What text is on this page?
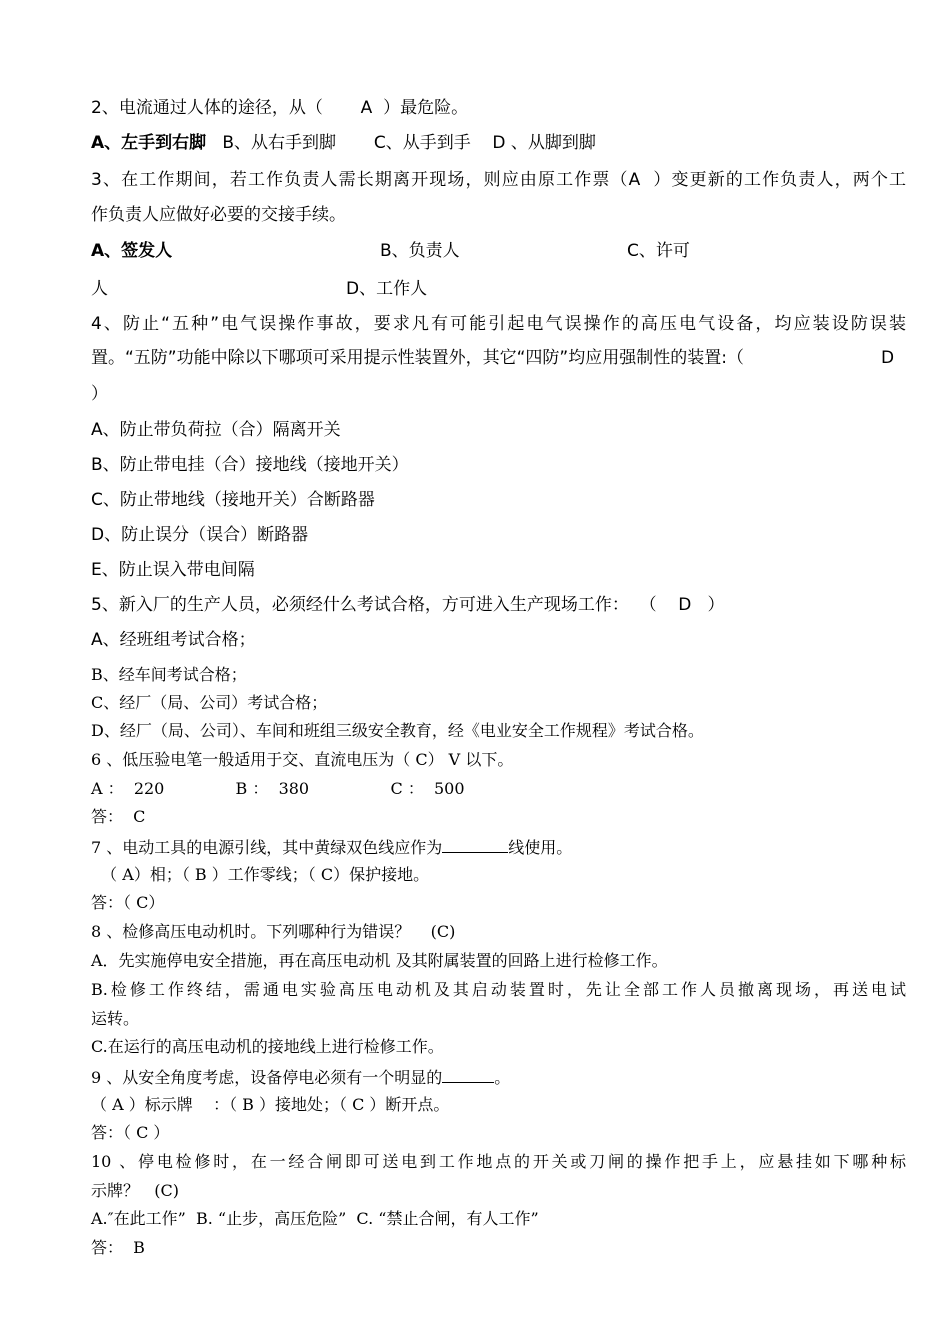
2、电流通过人体的途径，从（       A  ）最危险。
A、左手到右脚 B、从右手到脚 C、从手到手 D 、从脚到脚
3、在工作期间，若工作负责人需长期离开现场，则应由原工作票（A  ）变更新的工作负责人，两个工
作负责人应做好必要的交接手续。
A、签发人	B、负责人	C、许可
人	D、工作人
4、防止“五种”电气误操作事故，要求凡有可能引起电气误操作的高压电气设备，均应装设防误装
置。“五防”功能中除以下哪项可采用提示性装置外，其它“四防”均应用强制性的装置:（	D
）
A、防止带负荷拉（合）隔离开关
B、防止带电挂（合）接地线（接地开关）
C、防止带地线（接地开关）合断路器
D、防止误分（误合）断路器
E、防止误入带电间隔
5、新入厂的生产人员，必须经什么考试合格，方可进入生产现场工作：  （    D   ）
A、经班组考试合格；
B、经车间考试合格；
C、经厂（局、公司）考试合格；
D、经厂（局、公司）、车间和班组三级安全教育，经《电业安全工作规程》考试合格。
6 、低压验电笔一般适用于交、直流电压为（ C） V 以下。
A ：  220              B ：  380                C ：  500
答：  C
7 、电动工具的电源引线，其中黄绿双色线应作为	线使用。
（ A）相；（ B ）工作零线；（ C）保护接地。
答：（ C）
8 、检修高压电动机时。下列哪种行为错误？    (C)
A．先实施停电安全措施，再在高压电动机 及其附属装置的回路上进行检修工作。
B.检修工作终结，需通电实验高压电动机及其启动装置时，先让全部工作人员撤离现场，再送电试
运转。
C.在运行的高压电动机的接地线上进行检修工作。
9 、从安全角度考虑，设备停电必须有一个明显的	。
（ A ）标示牌    ：（ B ）接地处；（ C ）断开点。
答：（ C ）
10 、停电检修时，在一经合闸即可送电到工作地点的开关或刀闸的操作把手上，应悬挂如下哪种标
示牌？   (C)
A.″在此工作”  B. “止步，高压危险”  C. “禁止合闸，有人工作”
答：  B
